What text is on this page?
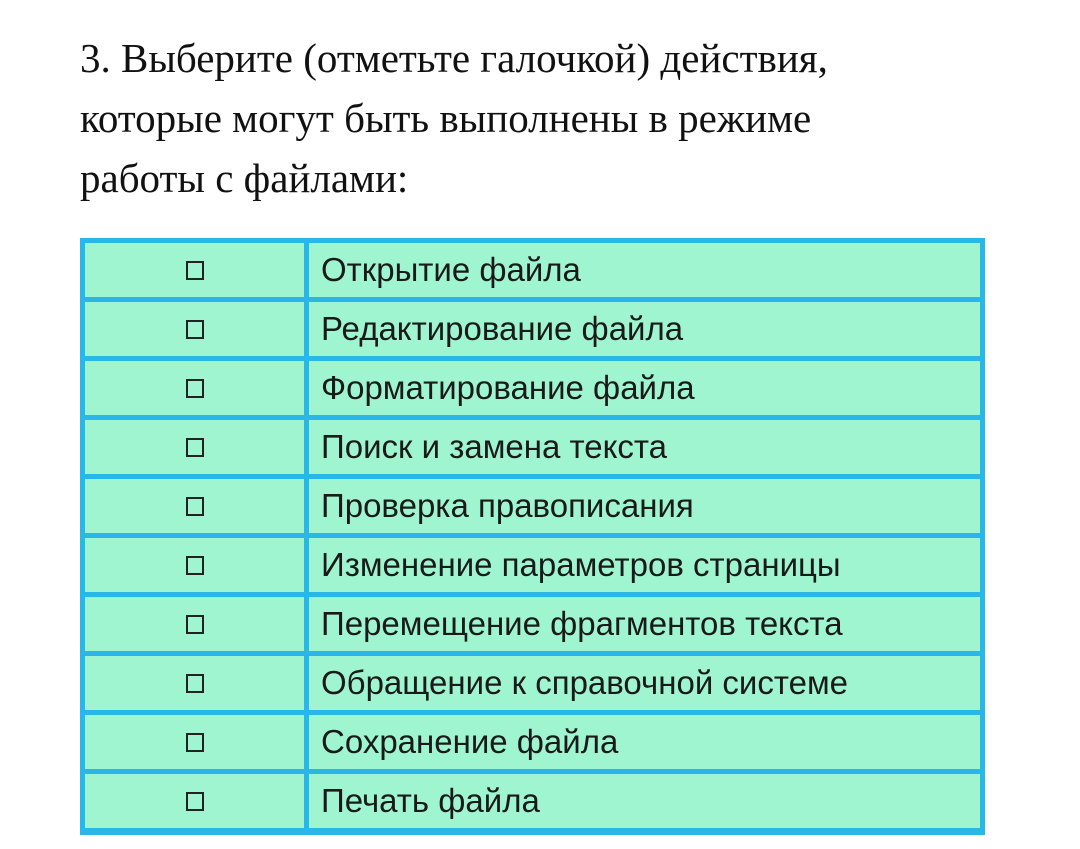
3. Выберите (отметьте галочкой) действия,
которые могут быть выполнены в режиме
работы с файлами:
Открытие файла
Редактирование файла
Форматирование файла
Поиск и замена текста
Проверка правописания
Изменение параметров страницы
Перемещение фрагментов текста
Обращение к справочной системе
Сохранение файла
Печать файла
